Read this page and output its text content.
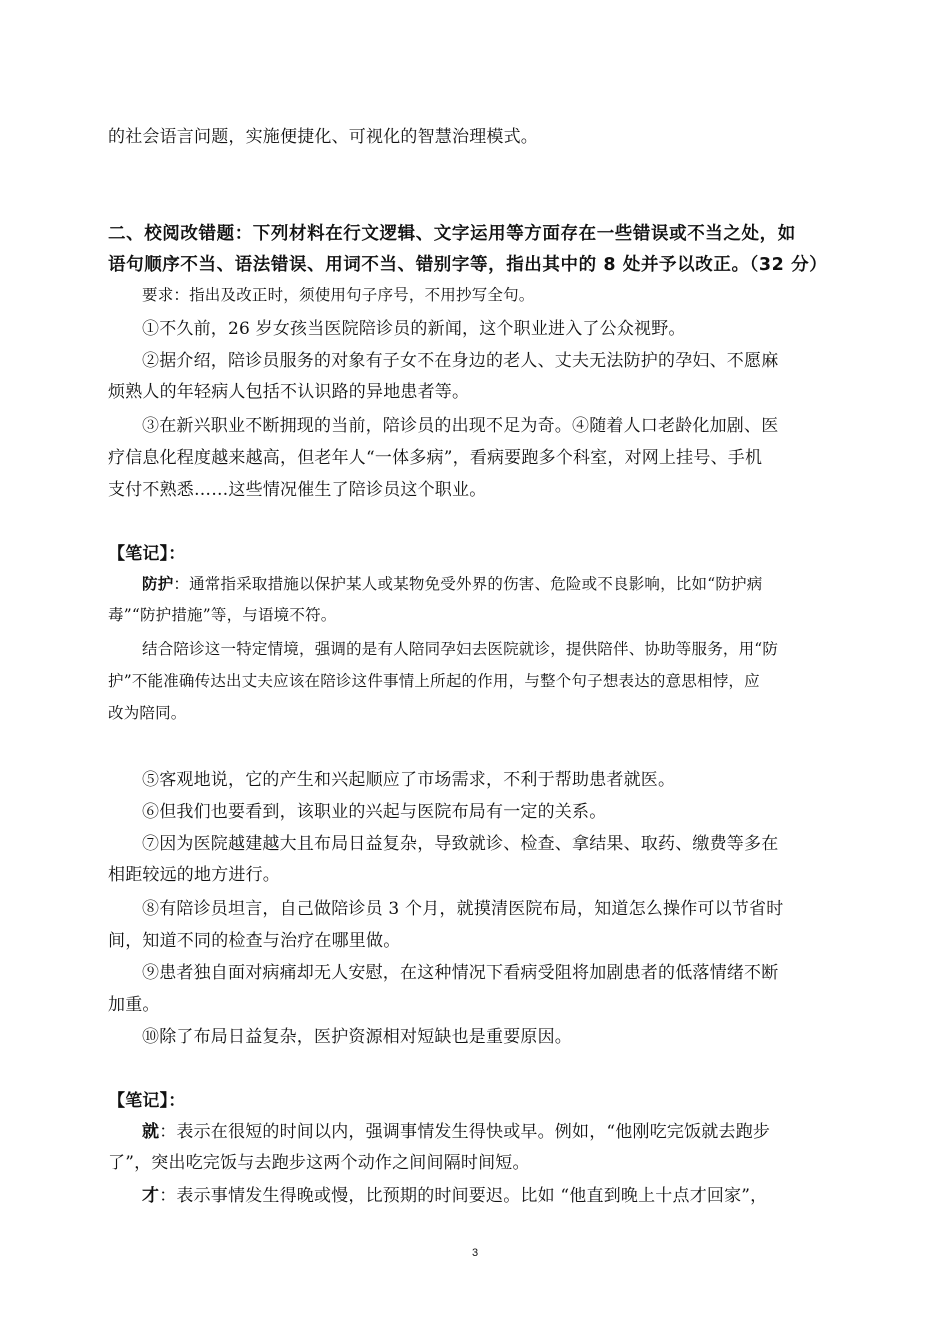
的社会语言问题，实施便捷化、可视化的智慧治理模式。
二、校阅改错题：下列材料在行文逻辑、文字运用等方面存在一些错误或不当之处，如
语句顺序不当、语法错误、用词不当、错别字等，指出其中的 8 处并予以改正。（32 分）
要求：指出及改正时，须使用句子序号，不用抄写全句。
①不久前，26 岁女孩当医院陪诊员的新闻，这个职业进入了公众视野。
②据介绍，陪诊员服务的对象有子女不在身边的老人、丈夫无法防护的孕妇、不愿麻
烦熟人的年轻病人包括不认识路的异地患者等。
③在新兴职业不断拥现的当前，陪诊员的出现不足为奇。④随着人口老龄化加剧、医
疗信息化程度越来越高，但老年人“一体多病”，看病要跑多个科室，对网上挂号、手机
支付不熟悉……这些情况催生了陪诊员这个职业。
【笔记】：
防护：通常指采取措施以保护某人或某物免受外界的伤害、危险或不良影响，比如“防护病
毒”“防护措施”等，与语境不符。
结合陪诊这一特定情境，强调的是有人陪同孕妇去医院就诊，提供陪伴、协助等服务，用“防
护”不能准确传达出丈夫应该在陪诊这件事情上所起的作用，与整个句子想表达的意思相悖，应
改为陪同。
⑤客观地说，它的产生和兴起顺应了市场需求，不利于帮助患者就医。
⑥但我们也要看到，该职业的兴起与医院布局有一定的关系。
⑦因为医院越建越大且布局日益复杂，导致就诊、检查、拿结果、取药、缴费等多在
相距较远的地方进行。
⑧有陪诊员坦言，自己做陪诊员 3 个月，就摸清医院布局，知道怎么操作可以节省时
间，知道不同的检查与治疗在哪里做。
⑨患者独自面对病痛却无人安慰，在这种情况下看病受阻将加剧患者的低落情绪不断
加重。
⑩除了布局日益复杂，医护资源相对短缺也是重要原因。
【笔记】：
就：表示在很短的时间以内，强调事情发生得快或早。例如，“他刚吃完饭就去跑步
了”，突出吃完饭与去跑步这两个动作之间间隔时间短。
才：表示事情发生得晚或慢，比预期的时间要迟。比如 “他直到晚上十点才回家”，
3
